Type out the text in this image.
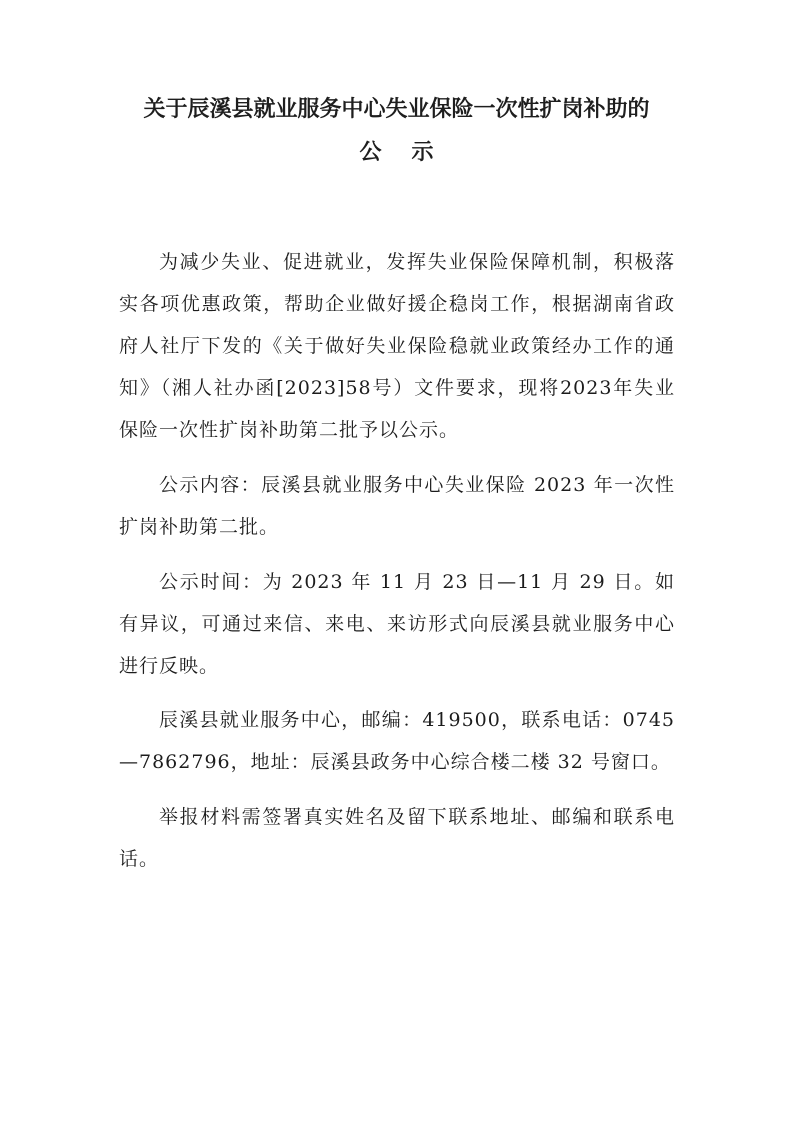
关于辰溪县就业服务中心失业保险一次性扩岗补助的
公示
为减少失业、促进就业，发挥失业保险保障机制，积极落实各项优惠政策，帮助企业做好援企稳岗工作，根据湖南省政府人社厅下发的《关于做好失业保险稳就业政策经办工作的通知》（湘人社办函[2023]58号）文件要求，现将2023年失业保险一次性扩岗补助第二批予以公示。
公示内容：辰溪县就业服务中心失业保险 2023 年一次性扩岗补助第二批。
公示时间：为 2023 年 11 月 23 日—11 月 29 日。如有异议，可通过来信、来电、来访形式向辰溪县就业服务中心进行反映。
辰溪县就业服务中心，邮编：419500，联系电话：0745—7862796，地址：辰溪县政务中心综合楼二楼 32 号窗口。
举报材料需签署真实姓名及留下联系地址、邮编和联系电话。
